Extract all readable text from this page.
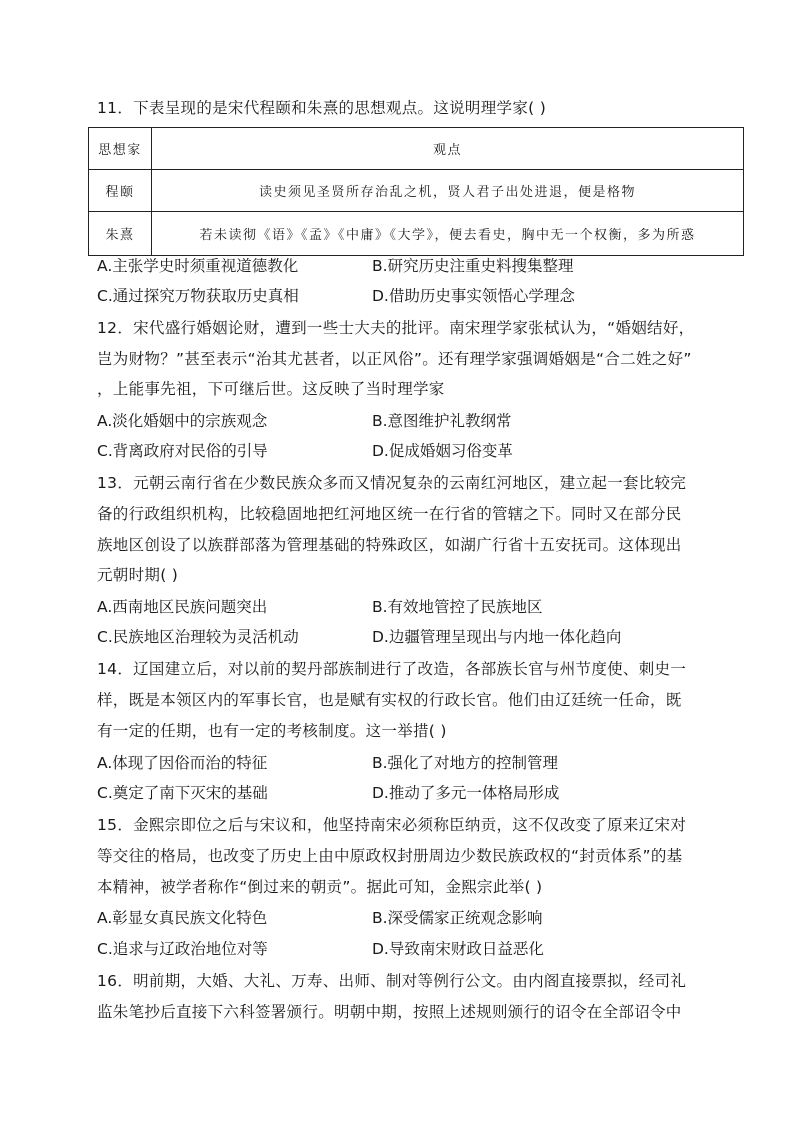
11．下表呈现的是宋代程颐和朱熹的思想观点。这说明理学家( )
思想家	观点
程颐	读史须见圣贤所存治乱之机，贤人君子出处进退，便是格物
朱熹	若未读彻《语》《孟》《中庸》《大学》，便去看史，胸中无一个权衡，多为所惑
A.主张学史时须重视道德教化	B.研究历史注重史料搜集整理
C.通过探究万物获取历史真相	D.借助历史事实领悟心学理念
12．宋代盛行婚姻论财，遭到一些士大夫的批评。南宋理学家张栻认为，“婚姻结好，
岂为财物？”甚至表示“治其尤甚者，以正风俗”。还有理学家强调婚姻是“合二姓之好”
，上能事先祖，下可继后世。这反映了当时理学家
A.淡化婚姻中的宗族观念	B.意图维护礼教纲常
C.背离政府对民俗的引导	D.促成婚姻习俗变革
13．元朝云南行省在少数民族众多而又情况复杂的云南红河地区，建立起一套比较完
备的行政组织机构，比较稳固地把红河地区统一在行省的管辖之下。同时又在部分民
族地区创设了以族群部落为管理基础的特殊政区，如湖广行省十五安抚司。这体现出
元朝时期( )
A.西南地区民族问题突出	B.有效地管控了民族地区
C.民族地区治理较为灵活机动	D.边疆管理呈现出与内地一体化趋向
14．辽国建立后，对以前的契丹部族制进行了改造，各部族长官与州节度使、刺史一
样，既是本领区内的军事长官，也是赋有实权的行政长官。他们由辽廷统一任命，既
有一定的任期，也有一定的考核制度。这一举措( )
A.体现了因俗而治的特征	B.强化了对地方的控制管理
C.奠定了南下灭宋的基础	D.推动了多元一体格局形成
15．金熙宗即位之后与宋议和，他坚持南宋必须称臣纳贡，这不仅改变了原来辽宋对
等交往的格局，也改变了历史上由中原政权封册周边少数民族政权的“封贡体系”的基
本精神，被学者称作“倒过来的朝贡”。据此可知，金熙宗此举( )
A.彰显女真民族文化特色	B.深受儒家正统观念影响
C.追求与辽政治地位对等	D.导致南宋财政日益恶化
16．明前期，大婚、大礼、万寿、出师、制对等例行公文。由内阁直接票拟，经司礼
监朱笔抄后直接下六科签署颁行。明朝中期，按照上述规则颁行的诏令在全部诏令中
